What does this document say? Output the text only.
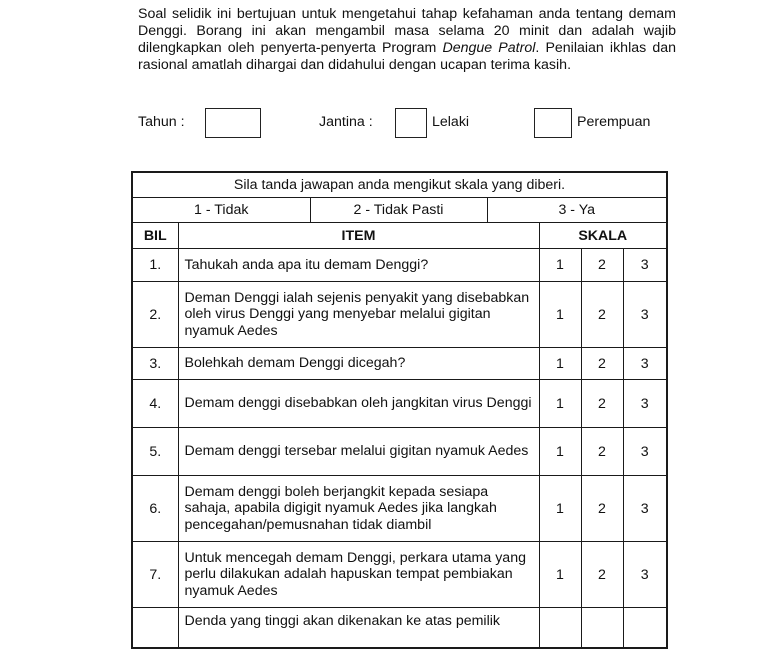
Soal selidik ini bertujuan untuk mengetahui tahap kefahaman anda tentang demam Denggi. Borang ini akan mengambil masa selama 20 minit dan adalah wajib dilengkapkan oleh penyerta-penyerta Program Dengue Patrol. Penilaian ikhlas dan rasional amatlah dihargai dan didahului dengan ucapan terima kasih.
Tahun :	Jantina :	Lelaki	Perempuan
Sila tanda jawapan anda mengikut skala yang diberi.						
1 - Tidak		2 - Tidak Pasti	3 - Ya			
BIL	ITEM			SKALA		
1.	Tahukah anda apa itu demam Denggi?			1	2	3
2.	Deman Denggi ialah sejenis penyakit yang disebabkan oleh virus Denggi yang menyebar melalui gigitan nyamuk Aedes			1	2	3
3.	Bolehkah demam Denggi dicegah?			1	2	3
4.	Demam denggi disebabkan oleh jangkitan virus Denggi			1	2	3
5.	Demam denggi tersebar melalui gigitan nyamuk Aedes			1	2	3
6.	Demam denggi boleh berjangkit kepada sesiapa sahaja, apabila digigit nyamuk Aedes jika langkah pencegahan/pemusnahan tidak diambil			1	2	3
7.	Untuk mencegah demam Denggi, perkara utama yang perlu dilakukan adalah hapuskan tempat pembiakan nyamuk Aedes			1	2	3
	Denda yang tinggi akan dikenakan ke atas pemilik					
